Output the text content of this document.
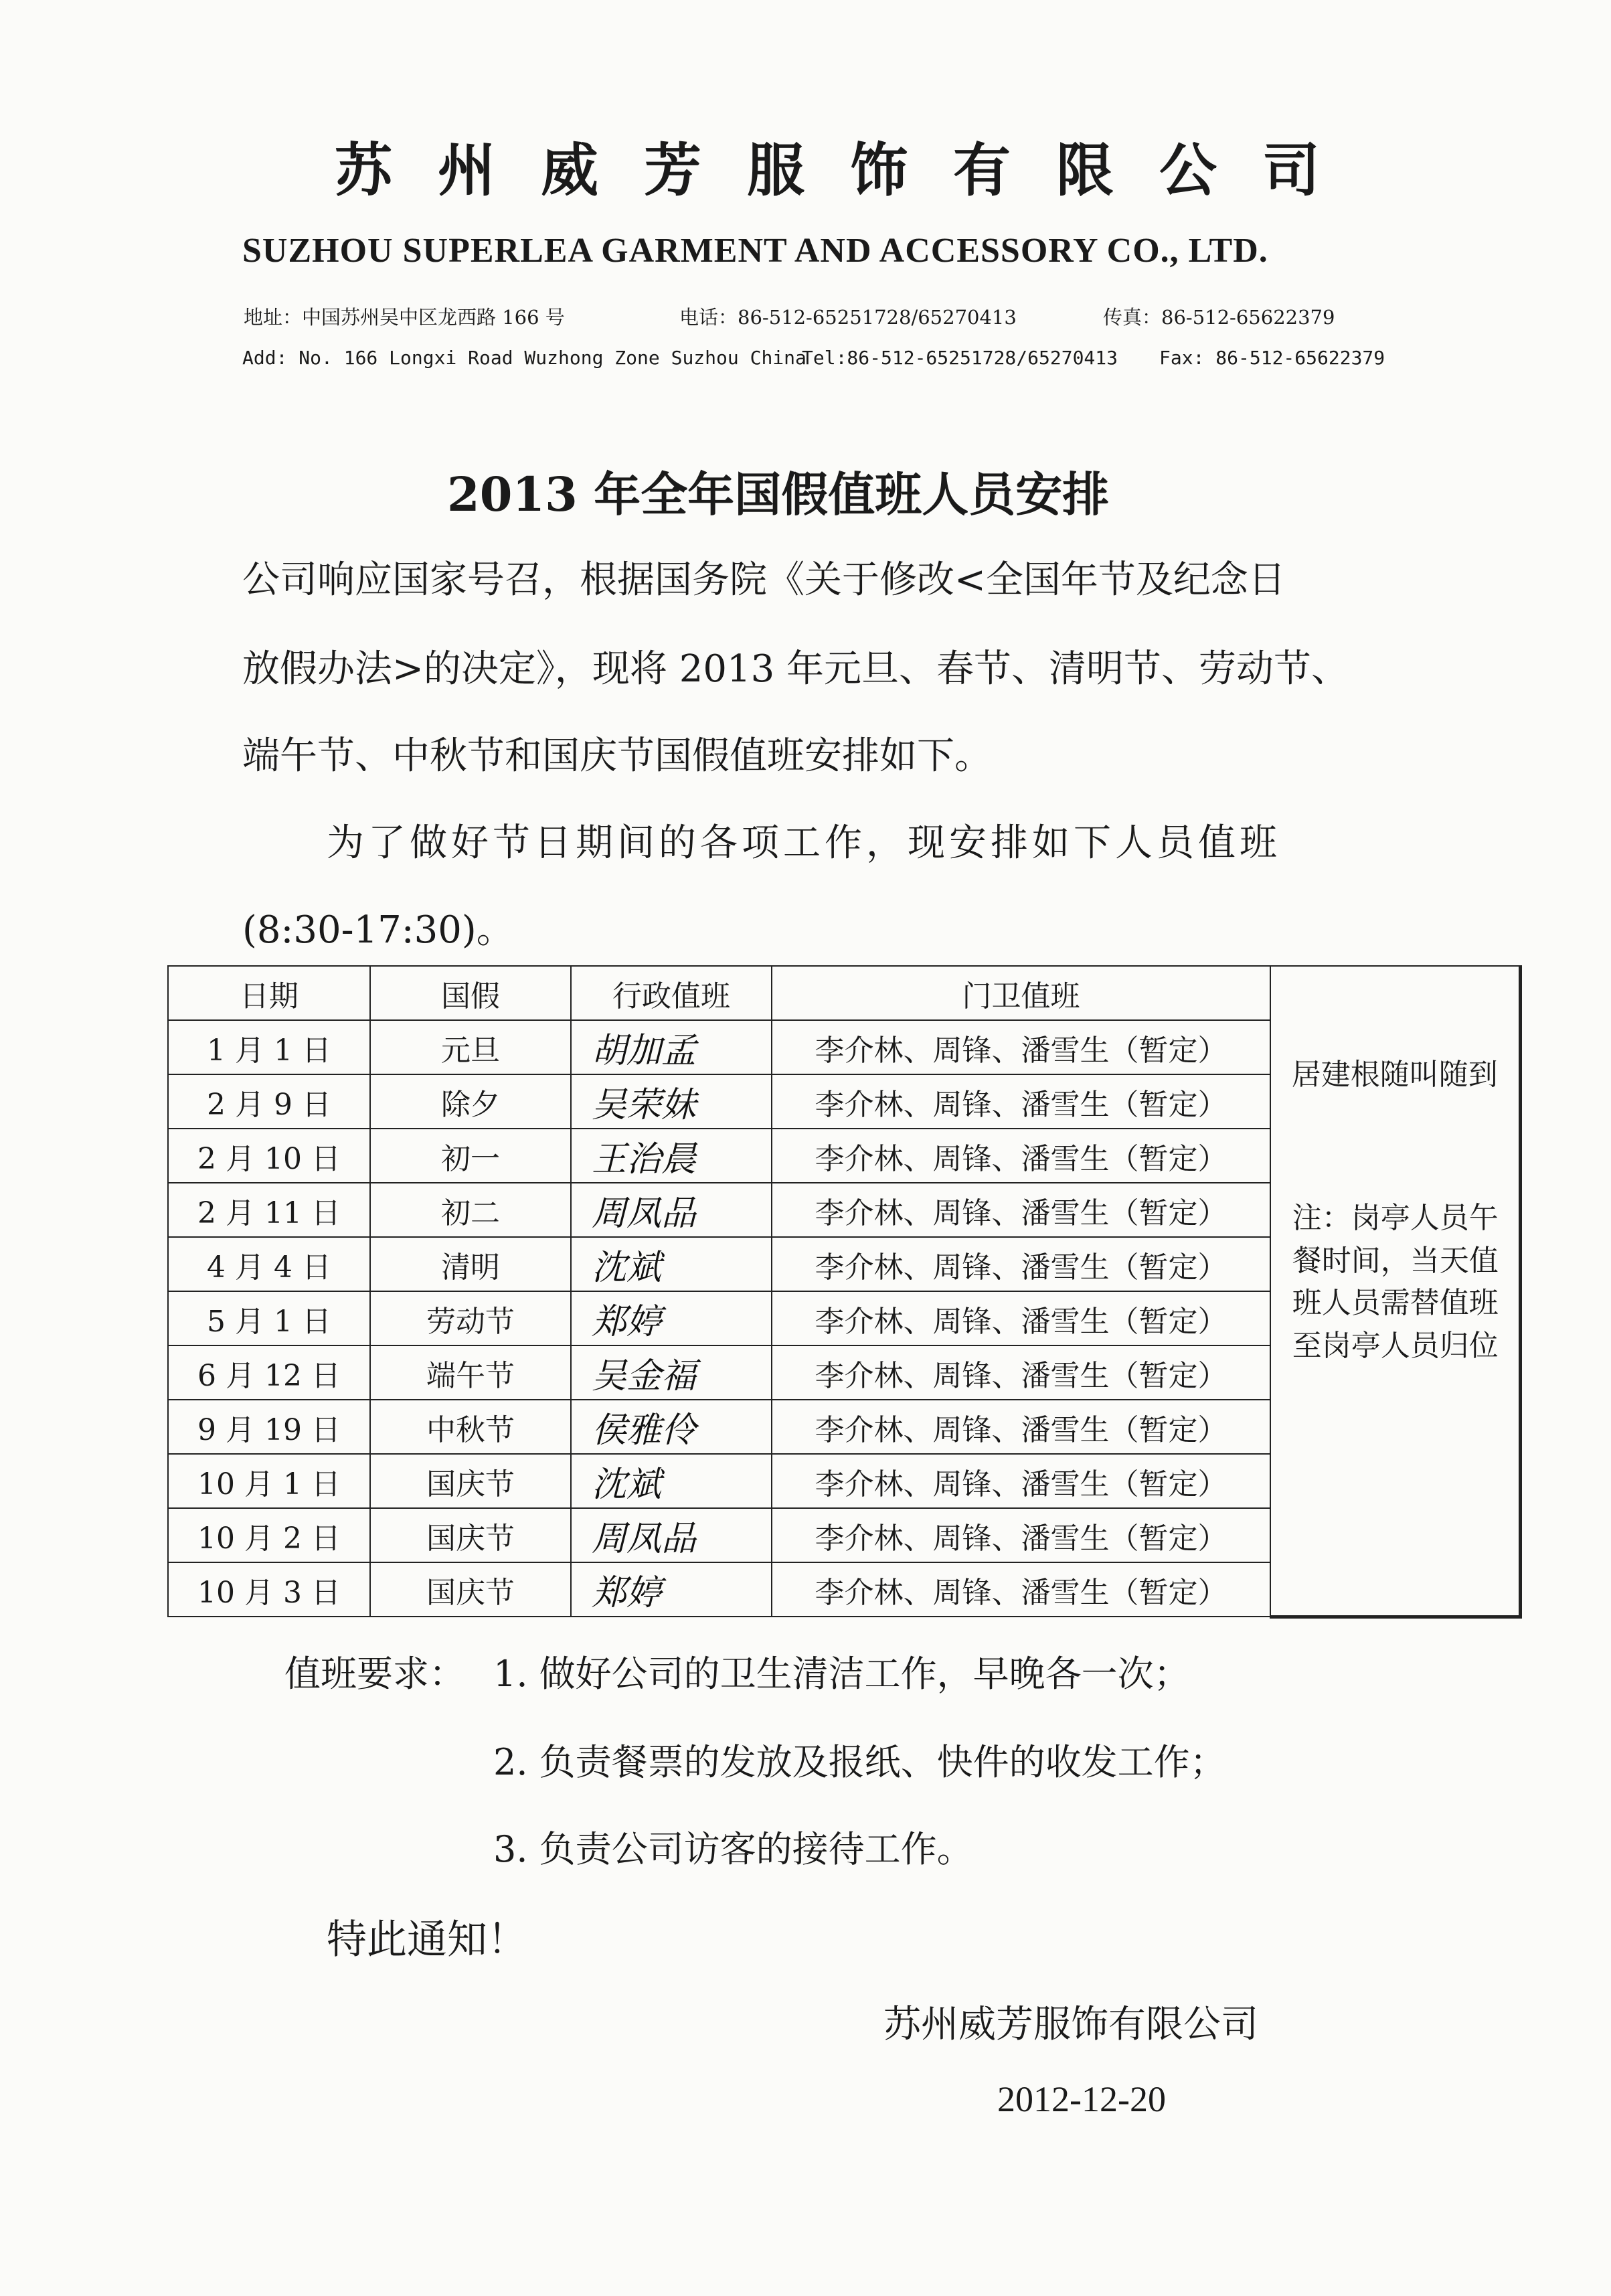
苏州威芳服饰有限公司
SUZHOU SUPERLEA GARMENT AND ACCESSORY CO., LTD.
地址：中国苏州吴中区龙西路 166 号	电话：86-512-65251728/65270413	传真：86-512-65622379
Add: No. 166 Longxi Road Wuzhong Zone Suzhou China
Tel:86-512-65251728/65270413 Fax: 86-512-65622379
2013 年全年国假值班人员安排
公司响应国家号召，根据国务院《关于修改<全国年节及纪念日
放假办法>的决定》，现将 2013 年元旦、春节、清明节、劳动节、
端午节、中秋节和国庆节国假值班安排如下。
为了做好节日期间的各项工作，现安排如下人员值班
(8:30-17:30)。
日期	国假	行政值班	门卫值班	居建根随叫随到
注：岗亭人员午餐时间，当天值班人员需替值班至岗亭人员归位

1 月 1 日	元旦	胡加孟	李介林、周锋、潘雪生（暂定）	
2 月 9 日	除夕	吴荣妹	李介林、周锋、潘雪生（暂定）	
2 月 10 日	初一	王治晨	李介林、周锋、潘雪生（暂定）	
2 月 11 日	初二	周凤品	李介林、周锋、潘雪生（暂定）	
4 月 4 日	清明	沈斌	李介林、周锋、潘雪生（暂定）	
5 月 1 日	劳动节	郑婷	李介林、周锋、潘雪生（暂定）	
6 月 12 日	端午节	吴金福	李介林、周锋、潘雪生（暂定）	
9 月 19 日	中秋节	侯雅伶	李介林、周锋、潘雪生（暂定）	
10 月 1 日	国庆节	沈斌	李介林、周锋、潘雪生（暂定）	
10 月 2 日	国庆节	周凤品	李介林、周锋、潘雪生（暂定）	
10 月 3 日	国庆节	郑婷	李介林、周锋、潘雪生（暂定）	
值班要求： 1. 做好公司的卫生清洁工作，早晚各一次；
2. 负责餐票的发放及报纸、快件的收发工作；
3. 负责公司访客的接待工作。
特此通知！
苏州威芳服饰有限公司
2012-12-20
